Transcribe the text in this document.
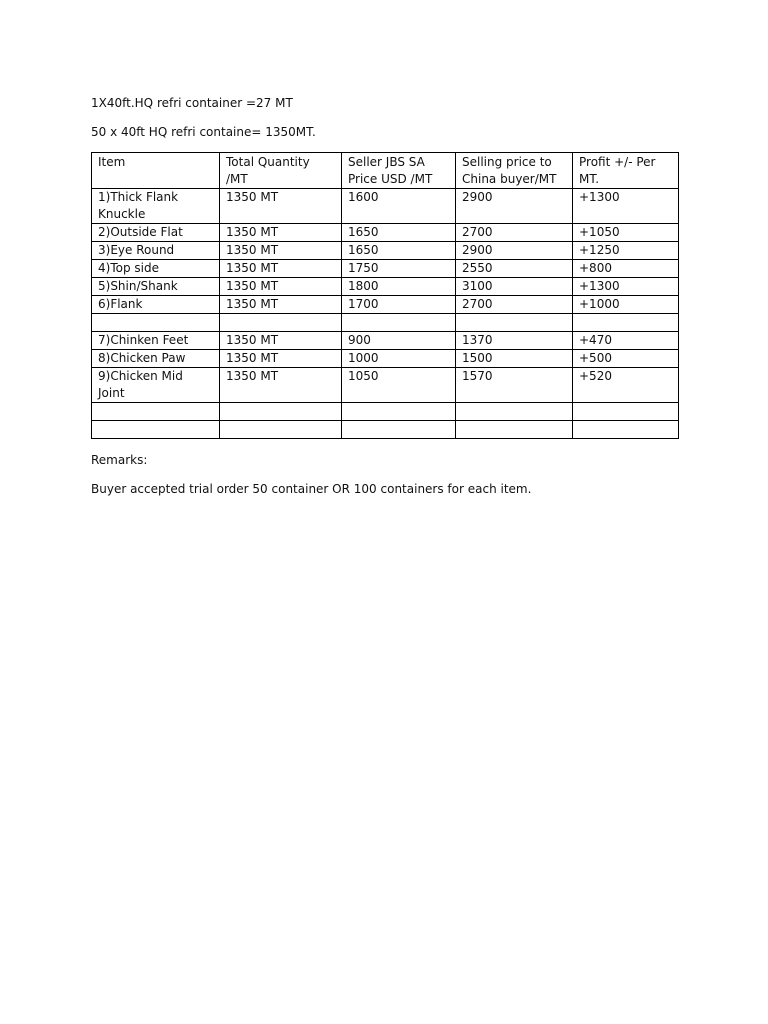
1X40ft.HQ refri container =27 MT
50 x 40ft HQ refri containe= 1350MT.
Item	Total Quantity /MT	Seller JBS SA Price USD /MT	Selling price to China buyer/MT	Profit +/- Per MT.
1)Thick Flank Knuckle	1350 MT	1600	2900	+1300
2)Outside Flat	1350 MT	1650	2700	+1050
3)Eye Round	1350 MT	1650	2900	+1250
4)Top side	1350 MT	1750	2550	+800
5)Shin/Shank	1350 MT	1800	3100	+1300
6)Flank	1350 MT	1700	2700	+1000

7)Chinken Feet	1350 MT	900	1370	+470
8)Chicken Paw	1350 MT	1000	1500	+500
9)Chicken Mid Joint	1350 MT	1050	1570	+520

Remarks:
Buyer accepted trial order 50 container OR 100 containers for each item.
